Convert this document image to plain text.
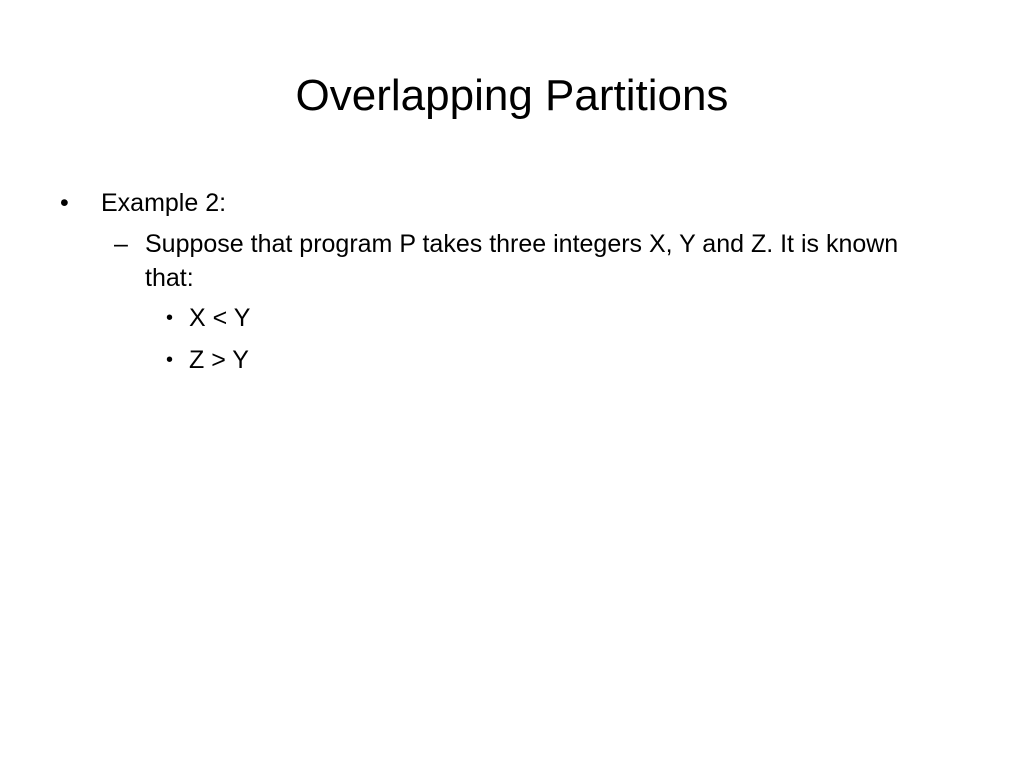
Overlapping Partitions
• Example 2:
– Suppose that program P takes three integers X, Y and Z. It is known that:
• X < Y
• Z > Y
